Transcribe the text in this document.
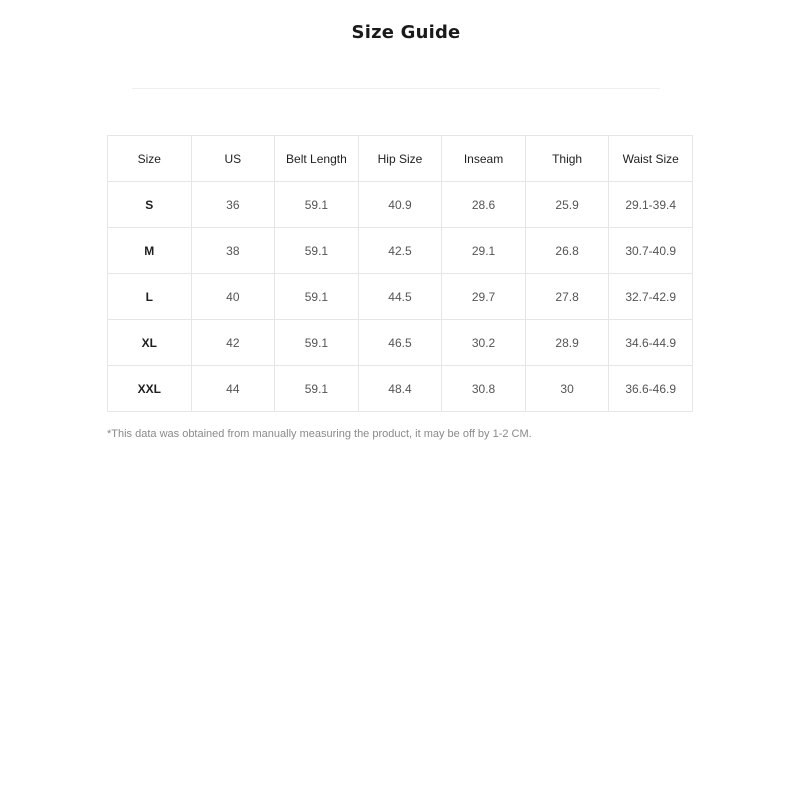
Size Guide
Size	US	Belt Length	Hip Size	Inseam	Thigh	Waist Size
S	36	59.1	40.9	28.6	25.9	29.1-39.4
M	38	59.1	42.5	29.1	26.8	30.7-40.9
L	40	59.1	44.5	29.7	27.8	32.7-42.9
XL	42	59.1	46.5	30.2	28.9	34.6-44.9
XXL	44	59.1	48.4	30.8	30	36.6-46.9
*This data was obtained from manually measuring the product, it may be off by 1-2 CM.
